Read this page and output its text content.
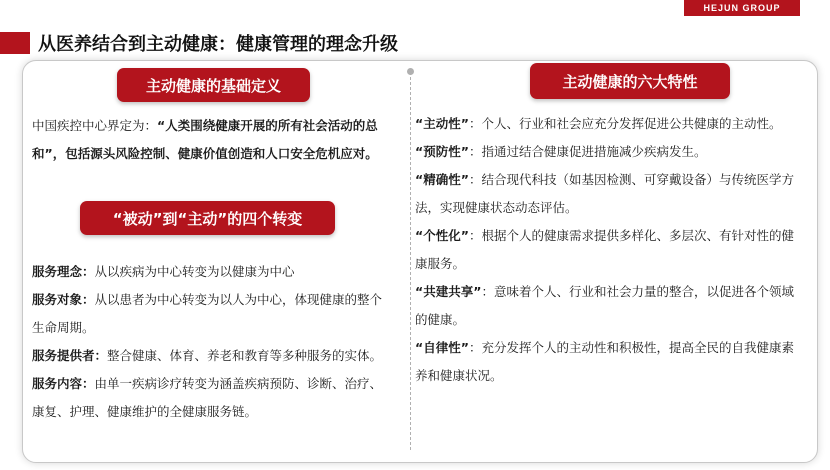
HEJUN GROUP
从医养结合到主动健康：健康管理的理念升级
主动健康的基础定义
中国疾控中心界定为：“人类围绕健康开展的所有社会活动的总和”，包括源头风险控制、健康价值创造和人口安全危机应对。
“被动”到“主动”的四个转变

服务理念：从以疾病为中心转变为以健康为中心

服务对象：从以患者为中心转变为以人为中心，体现健康的整个生命周期。

服务提供者：整合健康、体育、养老和教育等多种服务的实体。

服务内容：由单一疾病诊疗转变为涵盖疾病预防、诊断、治疗、康复、护理、健康维护的全健康服务链。

主动健康的六大特性

“主动性”：个人、行业和社会应充分发挥促进公共健康的主动性。

“预防性”：指通过结合健康促进措施减少疾病发生。

“精确性”：结合现代科技（如基因检测、可穿戴设备）与传统医学方法，实现健康状态动态评估。

“个性化”：根据个人的健康需求提供多样化、多层次、有针对性的健康服务。

“共建共享”：意味着个人、行业和社会力量的整合，以促进各个领域的健康。

“自律性”：充分发挥个人的主动性和积极性，提高全民的自我健康素养和健康状况。
